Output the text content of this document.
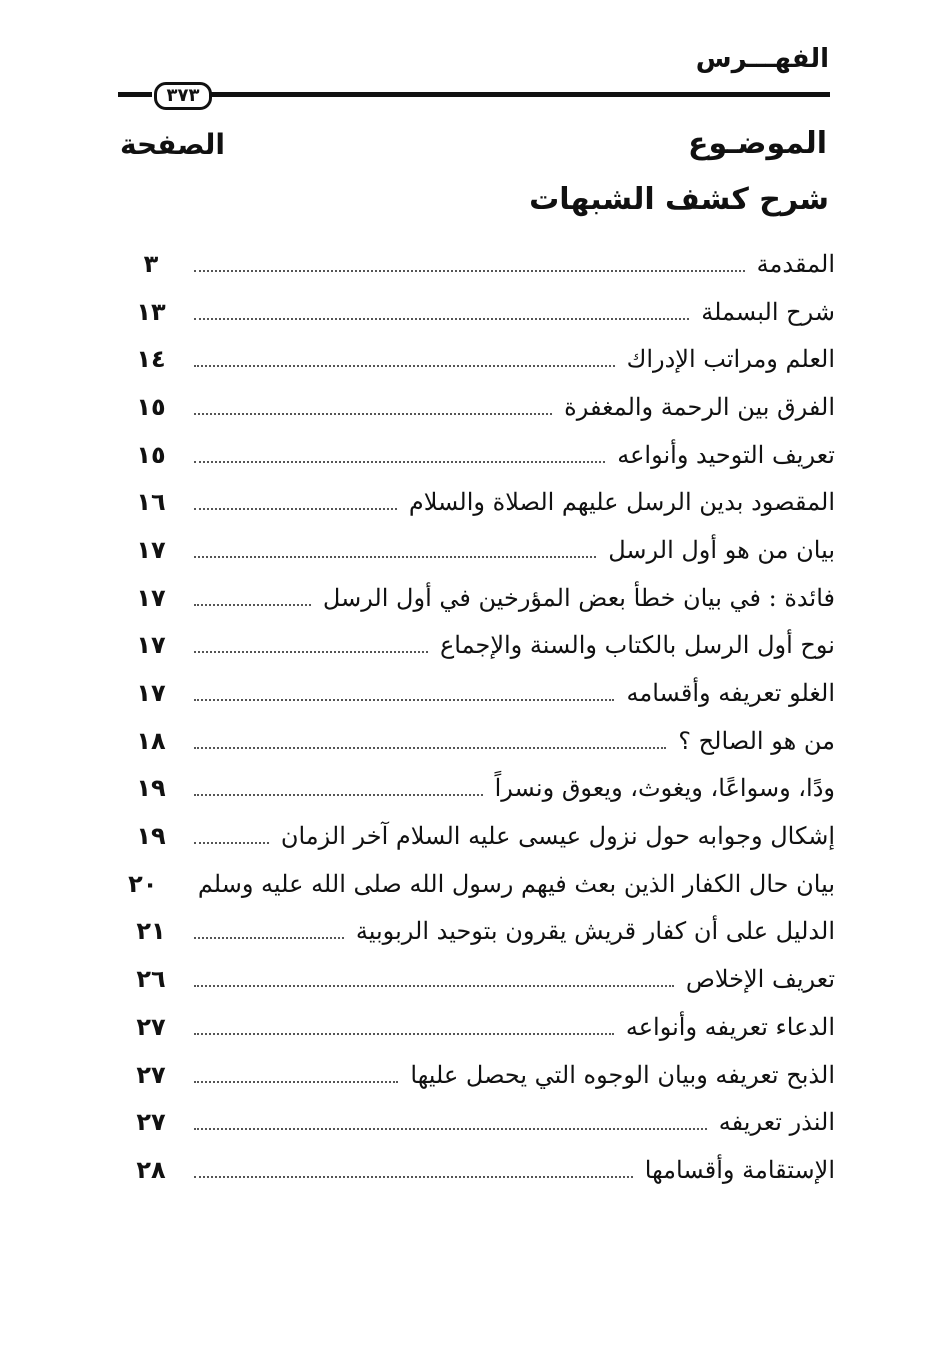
الفهـــرس
٣٧٣
الموضـوع
الصفحة
شرح كشف الشبهات
المقدمة
٣
شرح البسملة
١٣
العلم ومراتب الإدراك
١٤
الفرق بين الرحمة والمغفرة
١٥
تعريف التوحيد وأنواعه
١٥
المقصود بدين الرسل عليهم الصلاة والسلام
١٦
بيان من هو أول الرسل
١٧
فائدة : في بيان خطأ بعض المؤرخين في أول الرسل
١٧
نوح أول الرسل بالكتاب والسنة والإجماع
١٧
الغلو تعريفه وأقسامه
١٧
من هو الصالح ؟
١٨
ودًا، وسواعًا، ويغوث، ويعوق ونسراً
١٩
إشكال وجوابه حول نزول عيسى عليه السلام آخر الزمان
١٩
بيان حال الكفار الذين بعث فيهم رسول الله صلى الله عليه وسلم
٢٠
الدليل على أن كفار قريش يقرون بتوحيد الربوبية
٢١
تعريف الإخلاص
٢٦
الدعاء تعريفه وأنواعه
٢٧
الذبح تعريفه وبيان الوجوه التي يحصل عليها
٢٧
النذر تعريفه
٢٧
الإستقامة وأقسامها
٢٨
